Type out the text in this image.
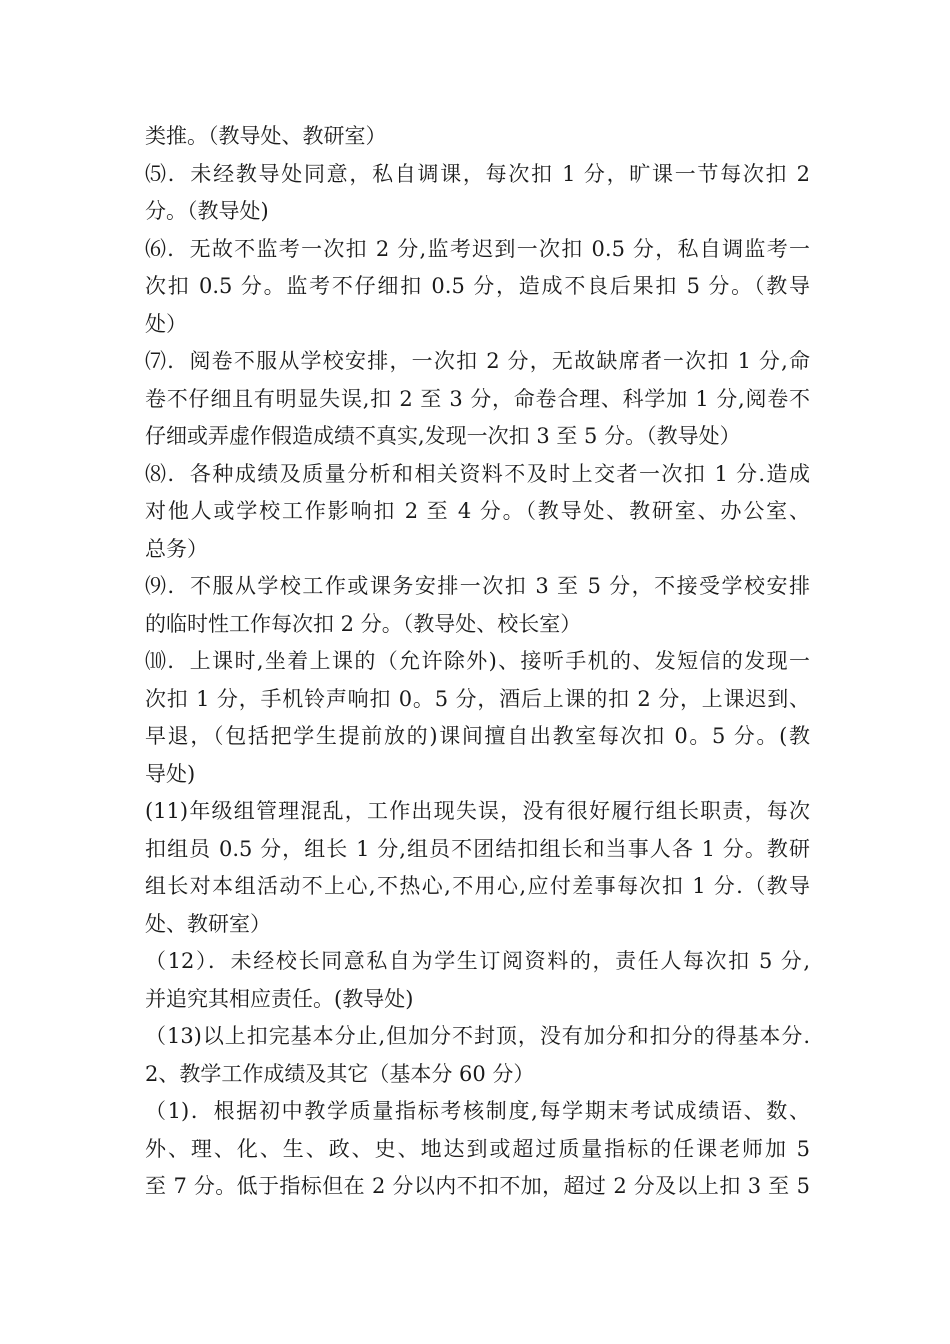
类推。（教导处、教研室）
⑸．未经教导处同意，私自调课，每次扣 1 分，旷课一节每次扣 2
分。（教导处)
⑹．无故不监考一次扣 2 分,监考迟到一次扣 0.5 分，私自调监考一
次扣 0.5 分。监考不仔细扣 0.5 分，造成不良后果扣 5 分。（教导
处）
⑺．阅卷不服从学校安排，一次扣 2 分，无故缺席者一次扣 1 分,命
卷不仔细且有明显失误,扣 2 至 3 分，命卷合理、科学加 1 分,阅卷不
仔细或弄虚作假造成绩不真实,发现一次扣 3 至 5 分。（教导处）
⑻．各种成绩及质量分析和相关资料不及时上交者一次扣 1 分.造成
对他人或学校工作影响扣 2 至 4 分。（教导处、教研室、办公室、
总务）
⑼．不服从学校工作或课务安排一次扣 3 至 5 分，不接受学校安排
的临时性工作每次扣 2 分。（教导处、校长室）
⑽．上课时,坐着上课的（允许除外)、接听手机的、发短信的发现一
次扣 1 分，手机铃声响扣 0。5 分，酒后上课的扣 2 分，上课迟到、
早退，（包括把学生提前放的)课间擅自出教室每次扣 0。5 分。(教
导处)
(11)年级组管理混乱，工作出现失误，没有很好履行组长职责，每次
扣组员 0.5 分，组长 1 分,组员不团结扣组长和当事人各 1 分。教研
组长对本组活动不上心,不热心,不用心,应付差事每次扣 1 分.（教导
处、教研室）
（12）．未经校长同意私自为学生订阅资料的，责任人每次扣 5 分,
并追究其相应责任。(教导处)
（13)以上扣完基本分止,但加分不封顶，没有加分和扣分的得基本分.
2、教学工作成绩及其它（基本分 60 分）
（1)．根据初中教学质量指标考核制度,每学期末考试成绩语、数、
外、理、化、生、政、史、地达到或超过质量指标的任课老师加 5
至 7 分。低于指标但在 2 分以内不扣不加，超过 2 分及以上扣 3 至 5
